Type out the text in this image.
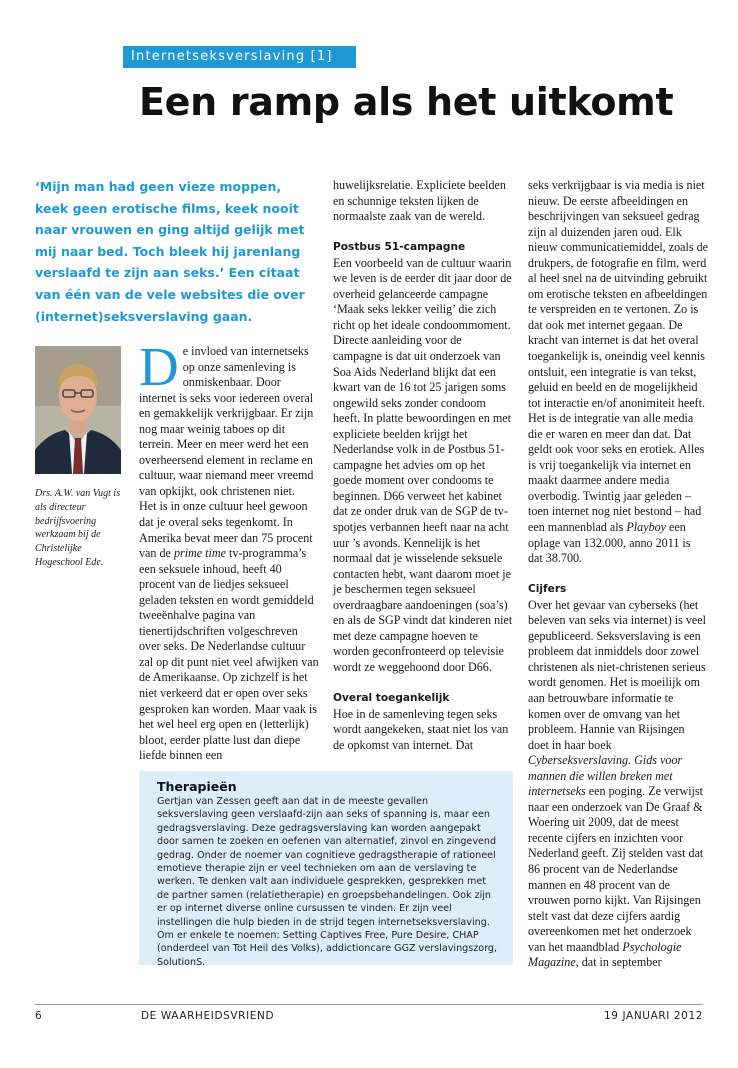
Internetseksverslaving [1]
Een ramp als het uitkomt

‘Mijn man had geen vieze moppen, keek geen erotische films, keek nooit naar vrouwen en ging altijd gelijk met mij naar bed. Toch bleek hij jarenlang verslaafd te zijn aan seks.’ Een citaat van één van de vele websites die over (internet)seksverslaving gaan.

Drs. A.W. van Vugt is als directeur bedrijfsvoering werkzaam bij de Christelijke Hogeschool Ede.

De invloed van internetseks op onze samenleving is onmiskenbaar. Door internet is seks voor iedereen overal en gemakkelijk verkrijgbaar. Er zijn nog maar weinig taboes op dit terrein. Meer en meer werd het een overheersend element in reclame en cultuur, waar niemand meer vreemd van opkijkt, ook christenen niet.

Het is in onze cultuur heel gewoon dat je overal seks tegenkomt. In Amerika bevat meer dan 75 procent van de prime time tv-programma’s een seksuele inhoud, heeft 40 procent van de liedjes seksueel geladen teksten en wordt gemiddeld tweeënhalve pagina van tienertijdschriften volgeschreven over seks. De Nederlandse cultuur zal op dit punt niet veel afwijken van de Amerikaanse. Op zichzelf is het niet verkeerd dat er open over seks gesproken kan worden. Maar vaak is het wel heel erg open en (letterlijk) bloot, eerder platte lust dan diepe liefde binnen een

huwelijksrelatie. Expliciete beelden en schunnige teksten lijken de normaalste zaak van de wereld.

Postbus 51-campagne

Een voorbeeld van de cultuur waarin we leven is de eerder dit jaar door de overheid gelanceerde campagne ‘Maak seks lekker veilig’ die zich richt op het ideale condoommoment. Directe aanleiding voor de campagne is dat uit onderzoek van Soa Aids Nederland blijkt dat een kwart van de 16 tot 25 jarigen soms ongewild seks zonder condoom heeft. In platte bewoordingen en met expliciete beelden krijgt het Nederlandse volk in de Postbus 51-campagne het advies om op het goede moment over condooms te beginnen. D66 verweet het kabinet dat ze onder druk van de SGP de tv-spotjes verbannen heeft naar na acht uur ’s avonds. Kennelijk is het normaal dat je wisselende seksuele contacten hebt, want daarom moet je je beschermen tegen seksueel overdraagbare aandoeningen (soa’s) en als de SGP vindt dat kinderen niet met deze campagne hoeven te worden geconfronteerd op televisie wordt ze weggehoond door D66.

Overal toegankelijk

Hoe in de samenleving tegen seks wordt aangekeken, staat niet los van de opkomst van internet. Dat

seks verkrijgbaar is via media is niet nieuw. De eerste afbeeldingen en beschrijvingen van seksueel gedrag zijn al duizenden jaren oud. Elk nieuw communicatiemiddel, zoals de drukpers, de fotografie en film, werd al heel snel na de uitvinding gebruikt om erotische teksten en afbeeldingen te verspreiden en te vertonen. Zo is dat ook met internet gegaan. De kracht van internet is dat het overal toegankelijk is, oneindig veel kennis ontsluit, een integratie is van tekst, geluid en beeld en de mogelijkheid tot interactie en/of anonimiteit heeft. Het is de integratie van alle media die er waren en meer dan dat. Dat geldt ook voor seks en erotiek. Alles is vrij toegankelijk via internet en maakt daarmee andere media overbodig. Twintig jaar geleden – toen internet nog niet bestond – had een mannenblad als Playboy een oplage van 132.000, anno 2011 is dat 38.700.

Cijfers

Over het gevaar van cyberseks (het beleven van seks via internet) is veel gepubliceerd. Seksverslaving is een probleem dat inmiddels door zowel christenen als niet-christenen serieus wordt genomen. Het is moeilijk om aan betrouwbare informatie te komen over de omvang van het probleem. Hannie van Rijsingen doet in haar boek Cyberseksverslaving. Gids voor mannen die willen breken met internetseks een poging. Ze verwijst naar een onderzoek van De Graaf & Woering uit 2009, dat de meest recente cijfers en inzichten voor Nederland geeft. Zij stelden vast dat 86 procent van de Nederlandse mannen en 48 procent van de vrouwen porno kijkt. Van Rijsingen stelt vast dat deze cijfers aardig overeenkomen met het onderzoek van het maandblad Psychologie Magazine, dat in september

Therapieën

Gertjan van Zessen geeft aan dat in de meeste gevallen seksverslaving geen verslaafd-zijn aan seks of spanning is, maar een gedragsverslaving. Deze gedragsverslaving kan worden aangepakt door samen te zoeken en oefenen van alternatief, zinvol en zingevend gedrag. Onder de noemer van cognitieve gedragstherapie of rationeel emotieve therapie zijn er veel technieken om aan de verslaving te werken. Te denken valt aan individuele gesprekken, gesprekken met de partner samen (relatietherapie) en groepsbehandelingen. Ook zijn er op internet diverse online cursussen te vinden. Er zijn veel instellingen die hulp bieden in de strijd tegen internetseksverslaving. Om er enkele te noemen: Setting Captives Free, Pure Desire, CHAP (onderdeel van Tot Heil des Volks), addictioncare GGZ verslavingszorg, SolutionS.

6	DE WAARHEIDSVRIEND	19 JANUARI 2012
